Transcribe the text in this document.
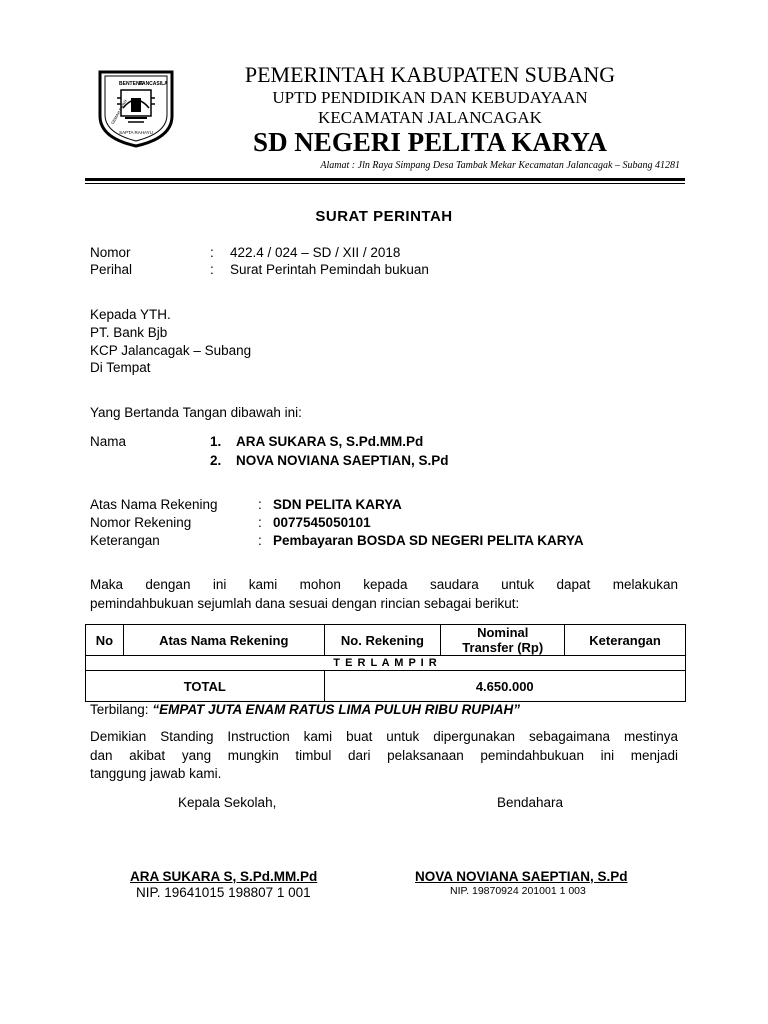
BENTENG
PANCASILA
SAPTA RAHAYU
GEMAH RIPAH
PEMERINTAH KABUPATEN SUBANG
UPTD PENDIDIKAN DAN KEBUDAYAAN
KECAMATAN JALANCAGAK
SD NEGERI PELITA KARYA
Alamat : Jln Raya Simpang Desa Tambak Mekar Kecamatan Jalancagak – Subang 41281
SURAT PERINTAH
Nomor	: 422.4 / 024 – SD / XII / 2018
Perihal	: Surat Perintah Pemindah bukuan
Kepada YTH.
PT. Bank Bjb
KCP Jalancagak – Subang
Di Tempat
Yang Bertanda Tangan dibawah ini:
Nama	1. ARA SUKARA S, S.Pd.MM.Pd
2. NOVA NOVIANA SAEPTIAN, S.Pd
Atas Nama Rekening	: SDN PELITA KARYA
Nomor Rekening	: 0077545050101
Keterangan	: Pembayaran BOSDA SD NEGERI PELITA KARYA
Maka dengan ini kami mohon kepada saudara untuk dapat melakukan
pemindahbukuan sejumlah dana sesuai dengan rincian sebagai berikut:
No	Atas Nama Rekening	No. Rekening	Nominal
Transfer (Rp)	Keterangan
T E R L A M P I R				
TOTAL		4.650.000		
Terbilang: “EMPAT JUTA ENAM RATUS LIMA PULUH RIBU RUPIAH”
Demikian Standing Instruction kami buat untuk dipergunakan sebagaimana mestinya
dan akibat yang mungkin timbul dari pelaksanaan pemindahbukuan ini menjadi
tanggung jawab kami.
Kepala Sekolah,	Bendahara
ARA SUKARA S, S.Pd.MM.Pd
NIP. 19641015 198807 1 001
NOVA NOVIANA SAEPTIAN, S.Pd
NIP. 19870924 201001 1 003
